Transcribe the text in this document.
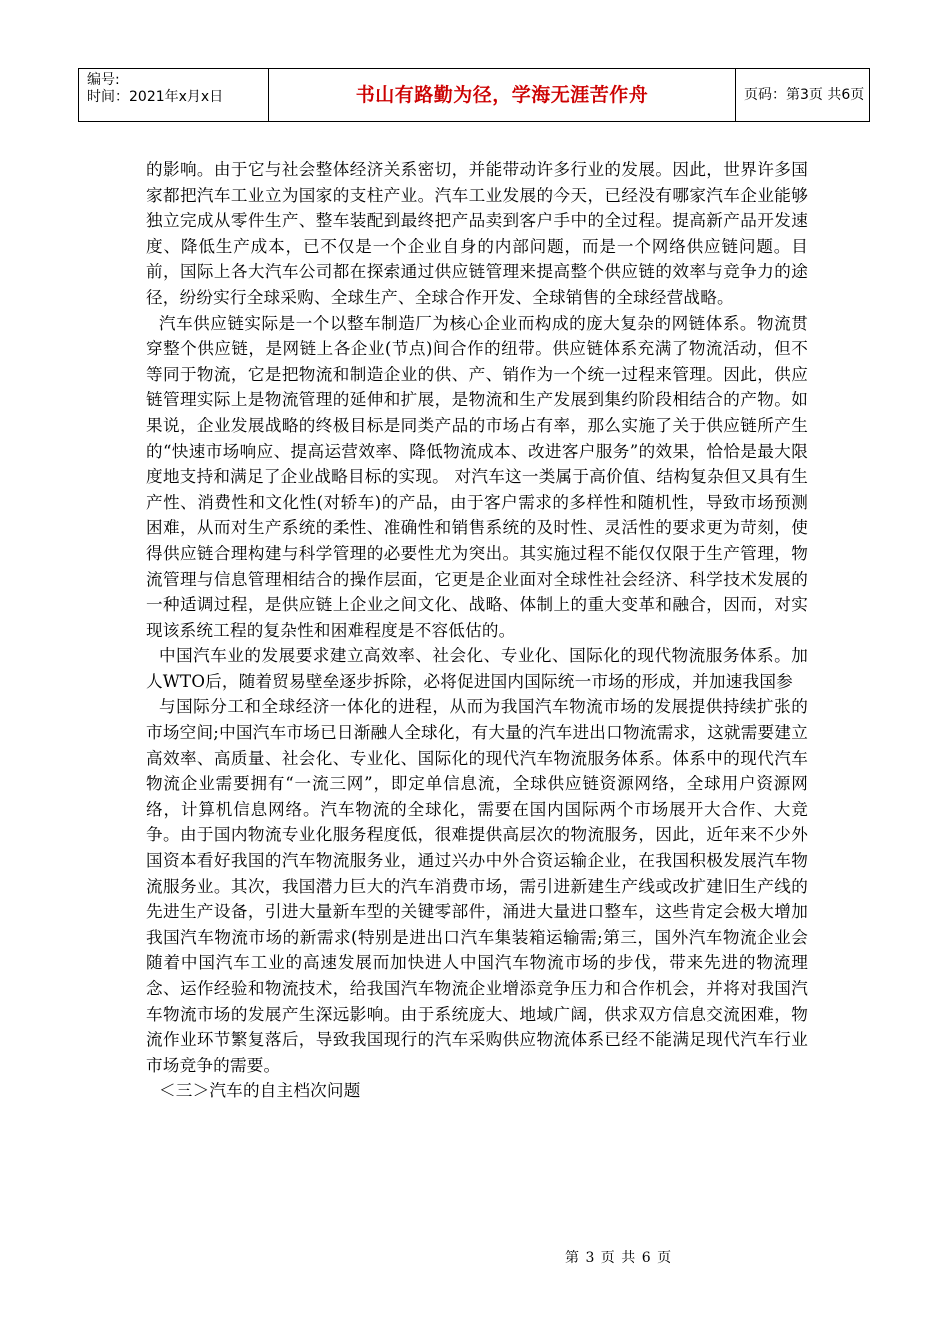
编号:
时间：2021年x月x日	书山有路勤为径，学海无涯苦作舟	页码：第3页 共6页

的影响。由于它与社会整体经济关系密切，并能带动许多行业的发展。因此，世界许多国家都把汽车工业立为国家的支柱产业。汽车工业发展的今天，已经没有哪家汽车企业能够独立完成从零件生产、整车装配到最终把产品卖到客户手中的全过程。提高新产品开发速度、降低生产成本，已不仅是一个企业自身的内部问题，而是一个网络供应链问题。目前，国际上各大汽车公司都在探索通过供应链管理来提高整个供应链的效率与竞争力的途径，纷纷实行全球采购、全球生产、全球合作开发、全球销售的全球经营战略。

汽车供应链实际是一个以整车制造厂为核心企业而构成的庞大复杂的网链体系。物流贯穿整个供应链，是网链上各企业(节点)间合作的纽带。供应链体系充满了物流活动，但不等同于物流，它是把物流和制造企业的供、产、销作为一个统一过程来管理。因此，供应链管理实际上是物流管理的延伸和扩展，是物流和生产发展到集约阶段相结合的产物。如果说，企业发展战略的终极目标是同类产品的市场占有率，那么实施了关于供应链所产生的“快速市场响应、提高运营效率、降低物流成本、改进客户服务”的效果，恰恰是最大限度地支持和满足了企业战略目标的实现。 对汽车这一类属于高价值、结构复杂但又具有生产性、消费性和文化性(对轿车)的产品，由于客户需求的多样性和随机性，导致市场预测困难，从而对生产系统的柔性、准确性和销售系统的及时性、灵活性的要求更为苛刻，使得供应链合理构建与科学管理的必要性尤为突出。其实施过程不能仅仅限于生产管理，物流管理与信息管理相结合的操作层面，它更是企业面对全球性社会经济、科学技术发展的一种适调过程，是供应链上企业之间文化、战略、体制上的重大变革和融合，因而，对实现该系统工程的复杂性和困难程度是不容低估的。

中国汽车业的发展要求建立高效率、社会化、专业化、国际化的现代物流服务体系。加人WTO后，随着贸易壁垒逐步拆除，必将促进国内国际统一市场的形成，并加速我国参

与国际分工和全球经济一体化的进程，从而为我国汽车物流市场的发展提供持续扩张的市场空间;中国汽车市场已日渐融人全球化，有大量的汽车进出口物流需求，这就需要建立高效率、高质量、社会化、专业化、国际化的现代汽车物流服务体系。体系中的现代汽车物流企业需要拥有“一流三网”，即定单信息流，全球供应链资源网络，全球用户资源网络，计算机信息网络。汽车物流的全球化，需要在国内国际两个市场展开大合作、大竞争。由于国内物流专业化服务程度低，很难提供高层次的物流服务，因此，近年来不少外国资本看好我国的汽车物流服务业，通过兴办中外合资运输企业，在我国积极发展汽车物流服务业。其次，我国潜力巨大的汽车消费市场，需引进新建生产线或改扩建旧生产线的先进生产设备，引进大量新车型的关键零部件，涌进大量进口整车，这些肯定会极大增加我国汽车物流市场的新需求(特别是进出口汽车集装箱运输需;第三，国外汽车物流企业会随着中国汽车工业的高速发展而加快进人中国汽车物流市场的步伐，带来先进的物流理念、运作经验和物流技术，给我国汽车物流企业增添竞争压力和合作机会，并将对我国汽车物流市场的发展产生深远影响。由于系统庞大、地域广阔，供求双方信息交流困难，物流作业环节繁复落后，导致我国现行的汽车采购供应物流体系已经不能满足现代汽车行业市场竞争的需要。

＜三＞汽车的自主档次问题

第 3 页 共 6 页
